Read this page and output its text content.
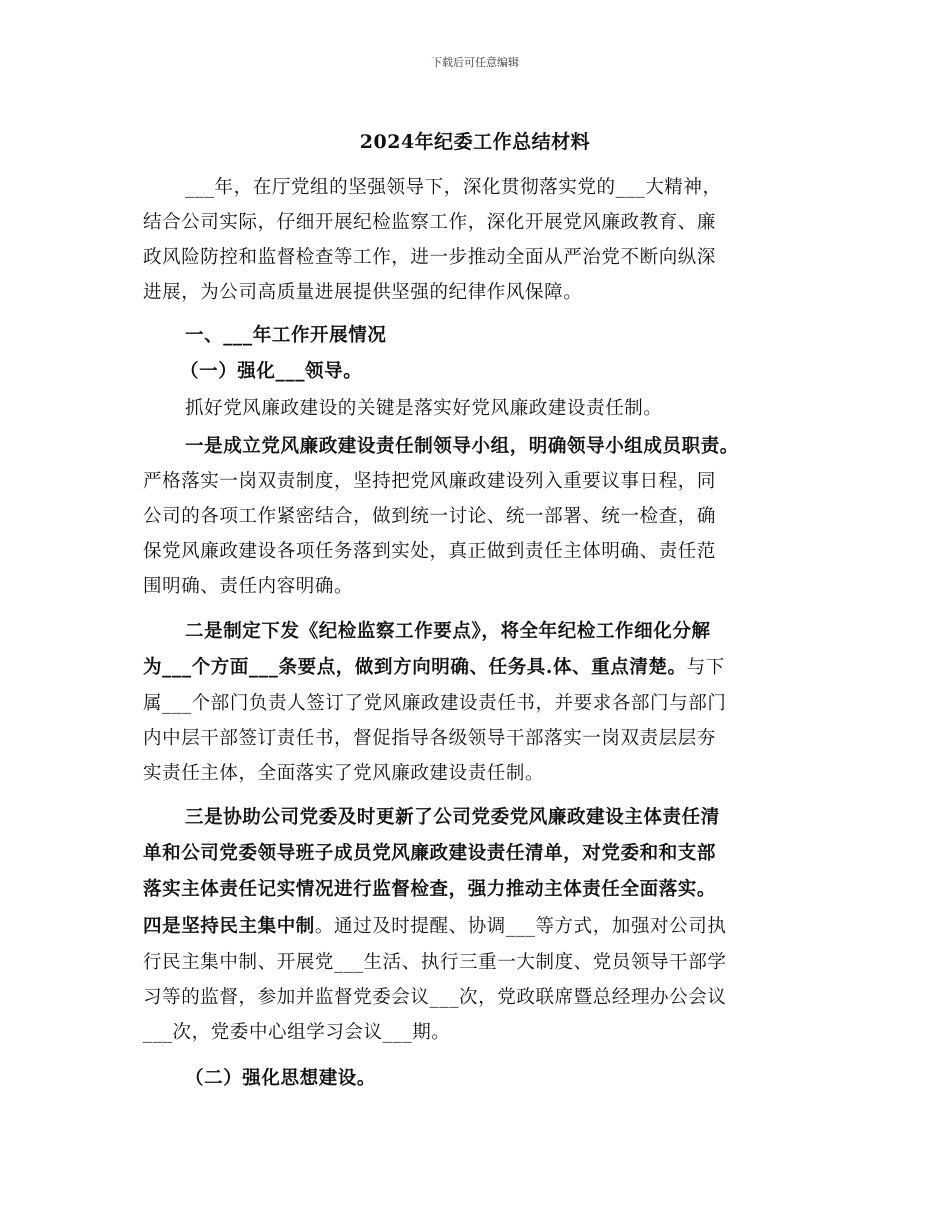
下载后可任意编辑
2024年纪委工作总结材料
___年，在厅党组的坚强领导下，深化贯彻落实党的___大精神，
结合公司实际，仔细开展纪检监察工作，深化开展党风廉政教育、廉
政风险防控和监督检查等工作，进一步推动全面从严治党不断向纵深
进展，为公司高质量进展提供坚强的纪律作风保障。
一、___年工作开展情况
（一）强化___领导。
抓好党风廉政建设的关键是落实好党风廉政建设责任制。
一是成立党风廉政建设责任制领导小组，明确领导小组成员职责。
严格落实一岗双责制度，坚持把党风廉政建设列入重要议事日程，同
公司的各项工作紧密结合，做到统一讨论、统一部署、统一检查，确
保党风廉政建设各项任务落到实处，真正做到责任主体明确、责任范
围明确、责任内容明确。
二是制定下发《纪检监察工作要点》，将全年纪检工作细化分解
为___个方面___条要点，做到方向明确、任务具.体、重点清楚。与下
属___个部门负责人签订了党风廉政建设责任书，并要求各部门与部门
内中层干部签订责任书，督促指导各级领导干部落实一岗双责层层夯
实责任主体，全面落实了党风廉政建设责任制。
三是协助公司党委及时更新了公司党委党风廉政建设主体责任清
单和公司党委领导班子成员党风廉政建设责任清单，对党委和和支部
落实主体责任记实情况进行监督检查，强力推动主体责任全面落实。
四是坚持民主集中制。通过及时提醒、协调___等方式，加强对公司执
行民主集中制、开展党___生活、执行三重一大制度、党员领导干部学
习等的监督，参加并监督党委会议___次，党政联席暨总经理办公会议
___次，党委中心组学习会议___期。
（二）强化思想建设。
